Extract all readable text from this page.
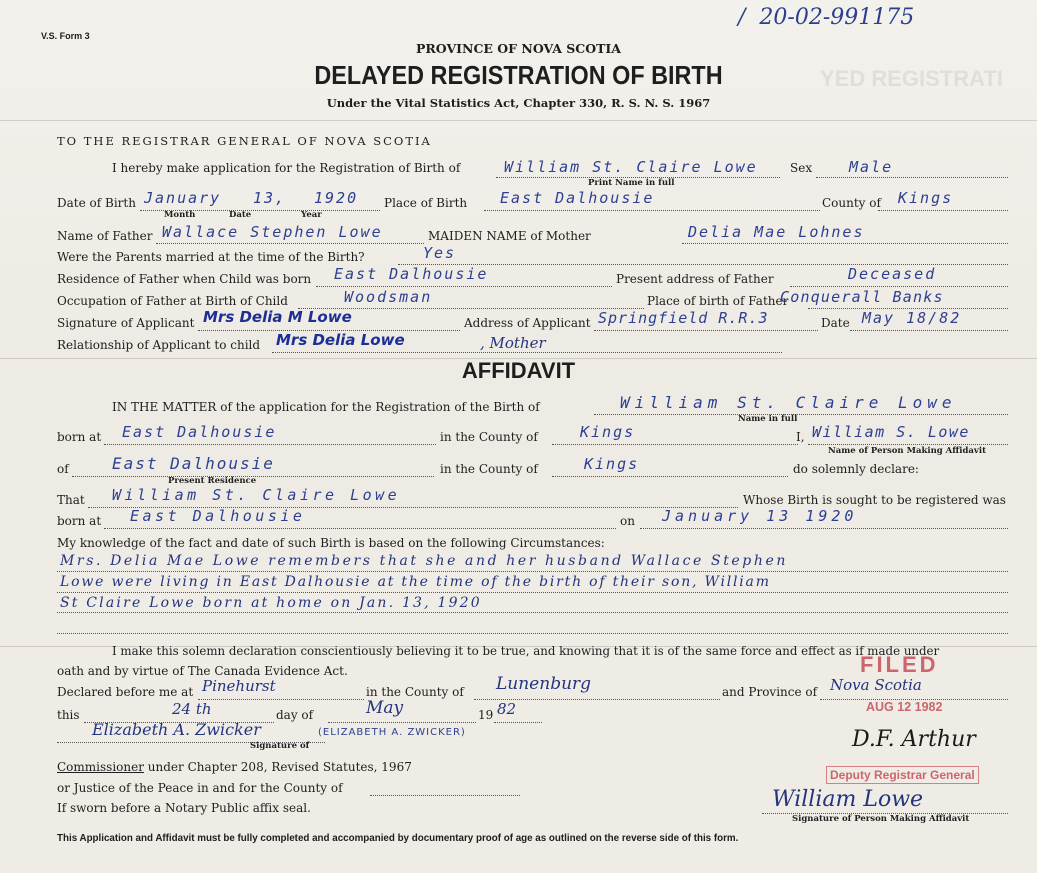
YED REGISTRATI
V.S. Form 3
/  20-02-991175
PROVINCE OF NOVA SCOTIA
DELAYED REGISTRATION OF BIRTH
Under the Vital Statistics Act, Chapter 330, R. S. N. S. 1967
TO THE REGISTRAR GENERAL OF NOVA SCOTIA
I hereby make application for the Registration of Birth of	William St. Claire Lowe
Print Name in full
Sex Male
Date of Birth January 13, 1920
Month	Date	Year
Place of Birth East Dalhousie	County of Kings
Name of Father Wallace Stephen Lowe	MAIDEN NAME of Mother	Delia Mae Lohnes
Were the Parents married at the time of the Birth?	Yes
Residence of Father when Child was born East Dalhousie	Present address of Father	Deceased
Occupation of Father at Birth of Child	Woodsman	Place of birth of Father
Conquerall Banks
Signature of Applicant Mrs Delia M Lowe	Address of Applicant Springfield R.R.3	Date May 18/82
Relationship of Applicant to child Mrs Delia Lowe	, Mother
AFFIDAVIT
IN THE MATTER of the application for the Registration of the Birth of	William St. Claire Lowe
Name in full
born at East Dalhousie	in the County of	Kings	I, William S. Lowe
Name of Person Making Affidavit
of	East Dalhousie
Present Residence
in the County of	Kings	do solemnly declare:
That William St. Claire Lowe	Whose Birth is sought to be registered was
born at East Dalhousie	on January 13 1920
My knowledge of the fact and date of such Birth is based on the following Circumstances:
Mrs. Delia Mae Lowe remembers that she and her husband Wallace Stephen
Lowe were living in East Dalhousie at the time of the birth of their son, William
St Claire Lowe born at home on Jan. 13, 1920
I make this solemn declaration conscientiously believing it to be true, and knowing that it is of the same force and effect as if made under
oath and by virtue of The Canada Evidence Act.
Declared before me at Pinehurst	in the County of Lunenburg	and Province of Nova Scotia
this	24 th	day of	May	19 82
Elizabeth A. Zwicker	(ELIZABETH A. ZWICKER)
Signature of
Commissioner under Chapter 208, Revised Statutes, 1967
or Justice of the Peace in and for the County of
If sworn before a Notary Public affix seal.	William Lowe
Signature of Person Making Affidavit
FILED
AUG 12 1982
D.F. Arthur
Deputy Registrar General
This Application and Affidavit must be fully completed and accompanied by documentary proof of age as outlined on the reverse side of this form.
